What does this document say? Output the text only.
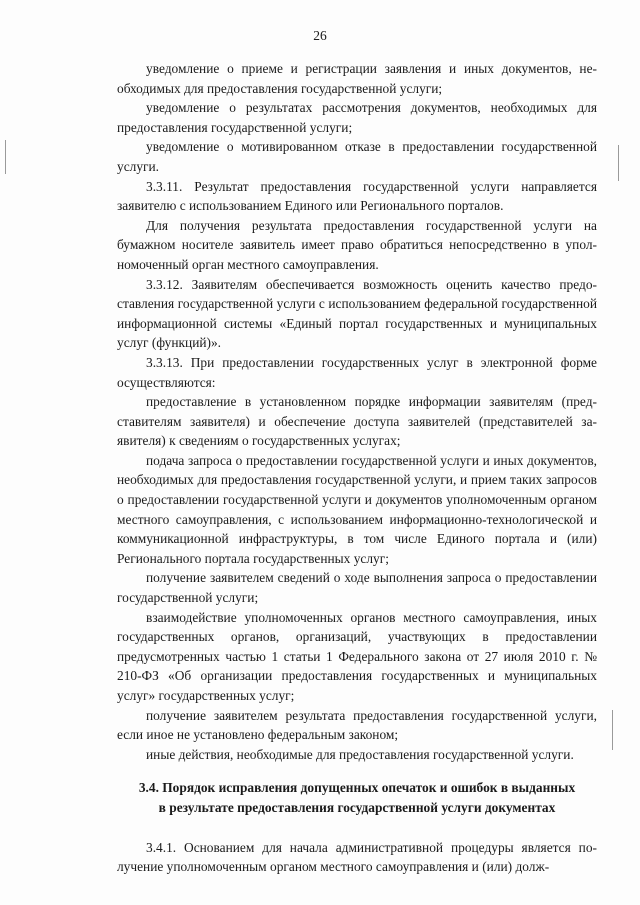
26

уведомление о приеме и регистрации заявления и иных документов, необходимых для предоставления государственной услуги;

уведомление о результатах рассмотрения документов, необходимых для предоставления государственной услуги;

уведомление о мотивированном отказе в предоставлении государственной услуги.

3.3.11. Результат предоставления государственной услуги направляется заявителю с использованием Единого или Регионального порталов.

Для получения результата предоставления государственной услуги на бумажном носителе заявитель имеет право обратиться непосредственно в уполномоченный орган местного самоуправления.

3.3.12. Заявителям обеспечивается возможность оценить качество предоставления государственной услуги с использованием федеральной государственной информационной системы «Единый портал государственных и муниципальных услуг (функций)».

3.3.13. При предоставлении государственных услуг в электронной форме осуществляются:

предоставление в установленном порядке информации заявителям (представителям заявителя) и обеспечение доступа заявителей (представителей заявителя) к сведениям о государственных услугах;

подача запроса о предоставлении государственной услуги и иных документов, необходимых для предоставления государственной услуги, и прием таких запросов о предоставлении государственной услуги и документов уполномоченным органом местного самоуправления, с использованием информационно-технологической и коммуникационной инфраструктуры, в том числе Единого портала и (или) Регионального портала государственных услуг;

получение заявителем сведений о ходе выполнения запроса о предоставлении государственной услуги;

взаимодействие уполномоченных органов местного самоуправления, иных государственных органов, организаций, участвующих в предоставлении предусмотренных частью 1 статьи 1 Федерального закона от 27 июля 2010 г. № 210-ФЗ «Об организации предоставления государственных и муниципальных услуг» государственных услуг;

получение заявителем результата предоставления государственной услуги, если иное не установлено федеральным законом;

иные действия, необходимые для предоставления государственной услуги.

3.4. Порядок исправления допущенных опечаток и ошибок в выданных в результате предоставления государственной услуги документах

3.4.1. Основанием для начала административной процедуры является получение уполномоченным органом местного самоуправления и (или) долж-
